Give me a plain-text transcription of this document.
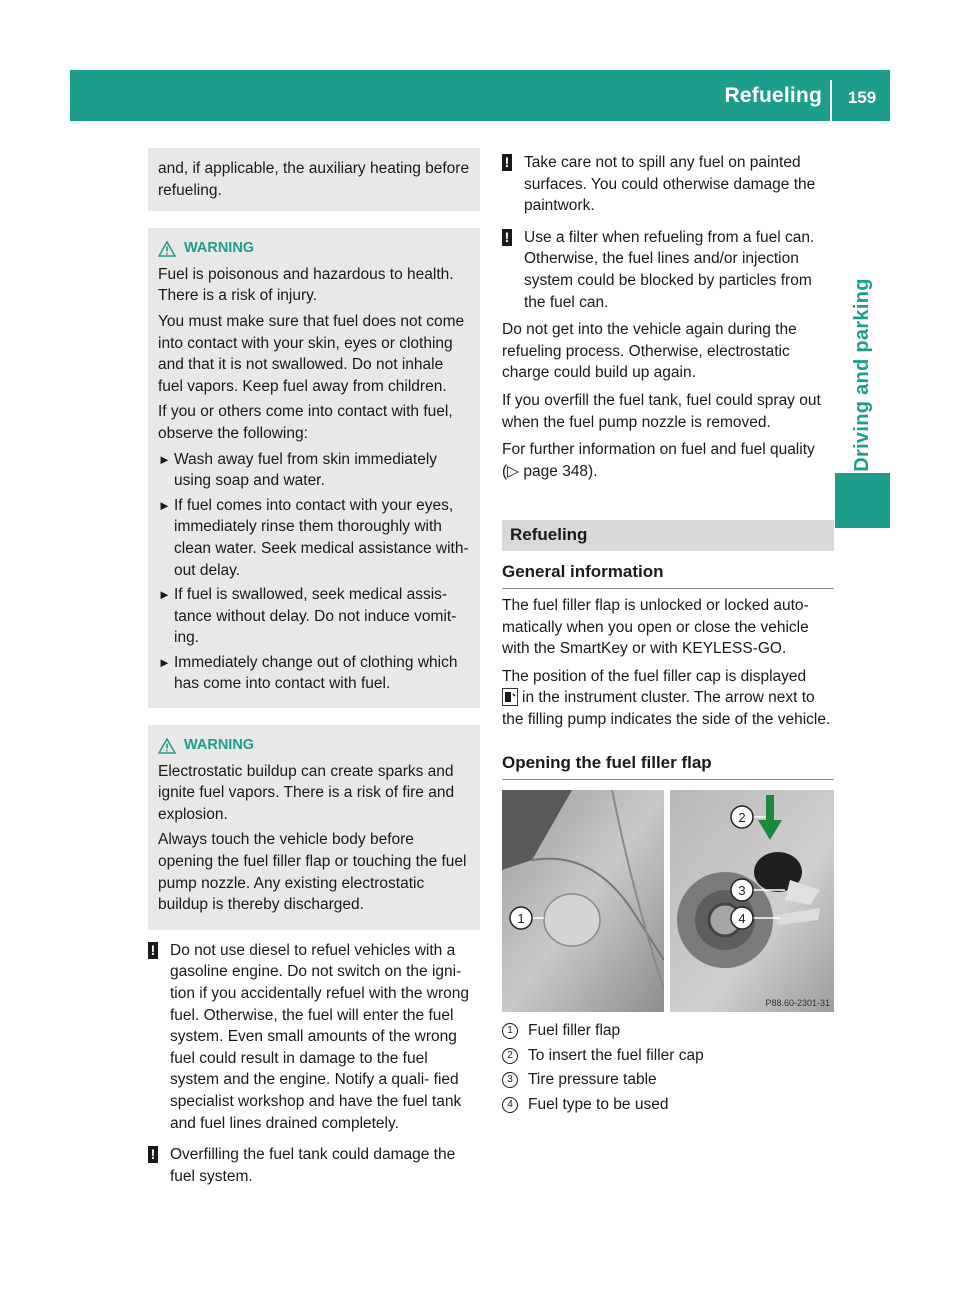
Refueling	159
Driving and parking

and, if applicable, the auxiliary heating before refueling.

WARNING

Fuel is poisonous and hazardous to health. There is a risk of injury.

You must make sure that fuel does not come into contact with your skin, eyes or clothing and that it is not swallowed. Do not inhale fuel vapors. Keep fuel away from children.

If you or others come into contact with fuel, observe the following:

► Wash away fuel from skin immediately using soap and water.
► If fuel comes into contact with your eyes, immediately rinse them thoroughly with clean water. Seek medical assistance with- out delay.
► If fuel is swallowed, seek medical assis- tance without delay. Do not induce vomit- ing.
► Immediately change out of clothing which has come into contact with fuel.
WARNING

Electrostatic buildup can create sparks and ignite fuel vapors. There is a risk of fire and explosion.

Always touch the vehicle body before opening the fuel filler flap or touching the fuel pump nozzle. Any existing electrostatic buildup is thereby discharged.

! Do not use diesel to refuel vehicles with a gasoline engine. Do not switch on the igni- tion if you accidentally refuel with the wrong fuel. Otherwise, the fuel will enter the fuel system. Even small amounts of the wrong fuel could result in damage to the fuel system and the engine. Notify a quali- fied specialist workshop and have the fuel tank and fuel lines drained completely.

! Overfilling the fuel tank could damage the fuel system.

! Take care not to spill any fuel on painted surfaces. You could otherwise damage the paintwork.

! Use a filter when refueling from a fuel can. Otherwise, the fuel lines and/or injection system could be blocked by particles from the fuel can.

Do not get into the vehicle again during the refueling process. Otherwise, electrostatic charge could build up again.

If you overfill the fuel tank, fuel could spray out when the fuel pump nozzle is removed.

For further information on fuel and fuel quality (▷ page 348).

Refueling
General information

The fuel filler flap is unlocked or locked auto- matically when you open or close the vehicle with the SmartKey or with KEYLESS-GO.

The position of the fuel filler cap is displayed
in the instrument cluster. The arrow next to the filling pump indicates the side of the vehicle.

Opening the fuel filler flap
1
2
3
4
P88.60-2301-31
1 Fuel filler flap
2 To insert the fuel filler cap
3 Tire pressure table
4 Fuel type to be used
